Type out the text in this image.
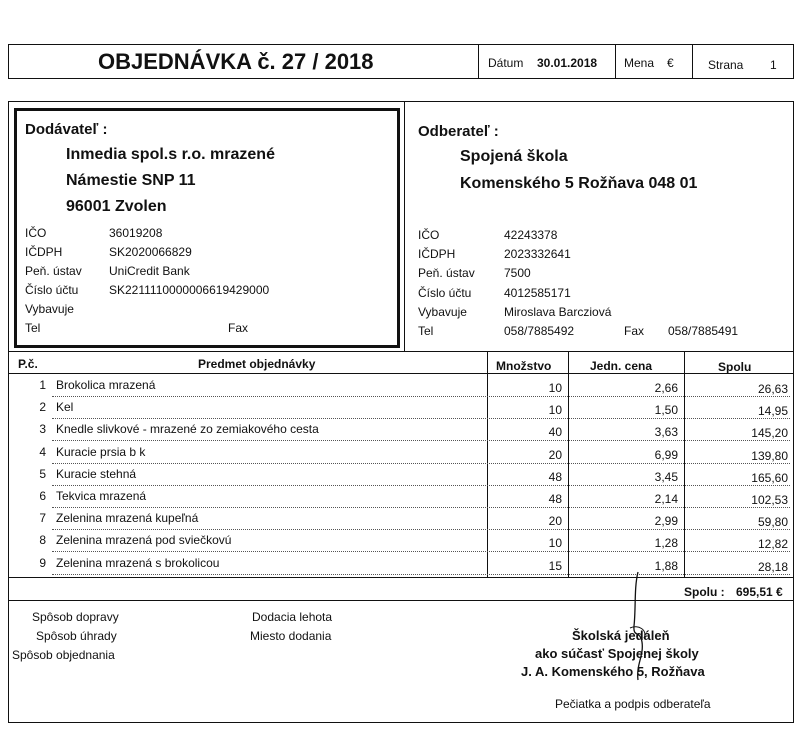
OBJEDNÁVKA č. 27 / 2018	Dátum 30.01.2018 Mena €	Strana 1
Dodávateľ :
Inmedia spol.s r.o. mrazené
Námestie SNP 11
96001 Zvolen
IČO	36019208
IČDPH	SK2020066829
Peň. ústav UniCredit Bank
Číslo účtu	SK2211110000006619429000
Vybavuje
Tel	Fax
Odberateľ :
Spojená škola
Komenského 5 Rožňava 048 01
IČO	42243378
IČDPH	2023332641
Peň. ústav 7500
Číslo účtu	4012585171
Vybavuje	Miroslava Barcziová
Tel	058/7885492	Fax 058/7885491
P.č.	Predmet objednávky	Množstvo	Jedn. cena	Spolu
1 Brokolica mrazená	10	2,66	26,63
2 Kel	10	1,50	14,95
3 Knedle slivkové - mrazené zo zemiakového cesta	40	3,63	145,20
4 Kuracie prsia b k	20	6,99	139,80
5 Kuracie stehná	48	3,45	165,60
6 Tekvica mrazená	48	2,14	102,53
7 Zelenina mrazená kupeľná	20	2,99	59,80
8 Zelenina mrazená pod sviečkovú	10	1,28	12,82
9 Zelenina mrazená s brokolicou	15	1,88	28,18
Spolu : 695,51 €
Spôsob dopravy
Spôsob úhrady
Spôsob objednania
Dodacia lehota
Miesto dodania	Školská jedáleň
ako súčasť Spojenej školy
J. A. Komenského 5, Rožňava
Pečiatka a podpis odberateľa
